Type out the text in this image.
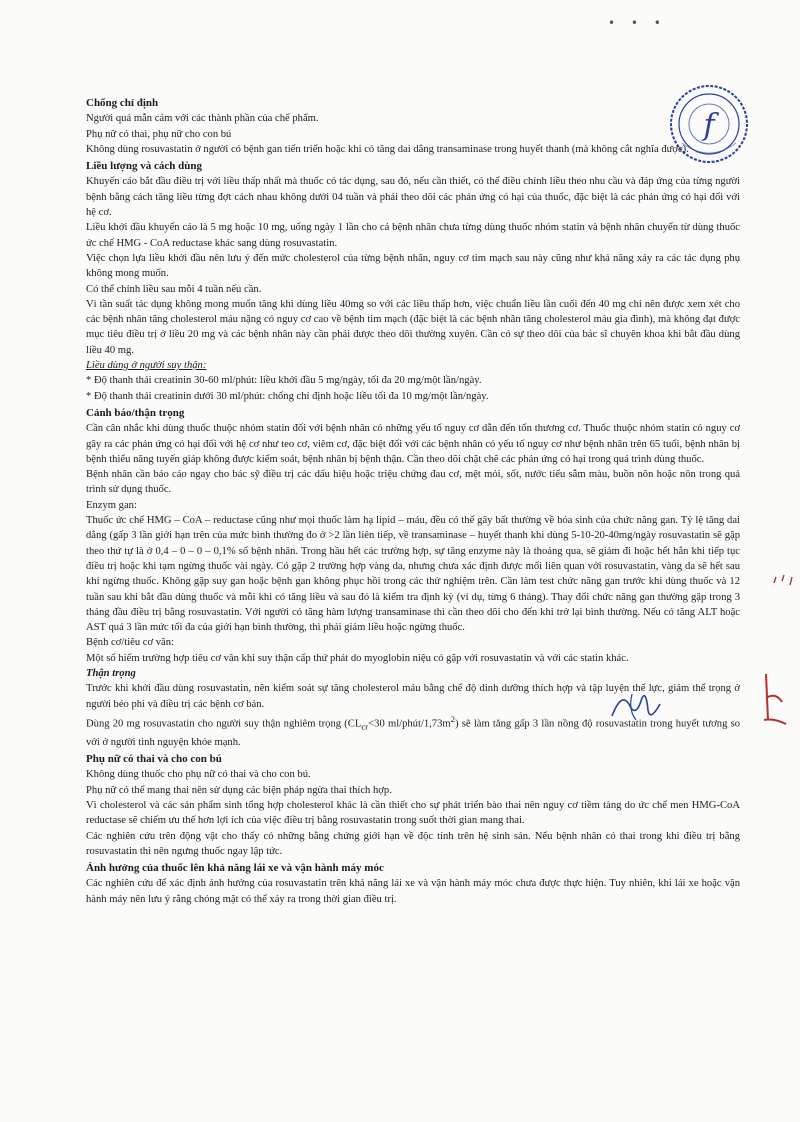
• • •
f
Chống chỉ định

Người quá mẫn cảm với các thành phần của chế phẩm.

Phụ nữ có thai, phụ nữ cho con bú

Không dùng rosuvastatin ở người có bệnh gan tiến triển hoặc khi có tăng dai dẳng transaminase trong huyết thanh (mà không cắt nghĩa được).

Liều lượng và cách dùng

Khuyến cáo bắt đầu điều trị với liều thấp nhất mà thuốc có tác dụng, sau đó, nếu cần thiết, có thể điều chỉnh liều theo nhu cầu và đáp ứng của từng người bệnh bằng cách tăng liều từng đợt cách nhau không dưới 04 tuần và phải theo dõi các phản ứng có hại của thuốc, đặc biệt là các phản ứng có hại đối với hệ cơ.

Liều khởi đầu khuyến cáo là 5 mg hoặc 10 mg, uống ngày 1 lần cho cả bệnh nhân chưa từng dùng thuốc nhóm statin và bệnh nhân chuyển từ dùng thuốc ức chế HMG - CoA reductase khác sang dùng rosuvastatin.

Việc chọn lựa liều khởi đầu nên lưu ý đến mức cholesterol của từng bệnh nhân, nguy cơ tim mạch sau này cũng như khả năng xảy ra các tác dụng phụ không mong muốn.

Có thể chỉnh liều sau mỗi 4 tuần nếu cần.

Vì tần suất tác dụng không mong muốn tăng khi dùng liều 40mg so với các liều thấp hơn, việc chuẩn liều lần cuối đến 40 mg chỉ nên được xem xét cho các bệnh nhân tăng cholesterol máu nặng có nguy cơ cao về bệnh tim mạch (đặc biệt là các bệnh nhân tăng cholesterol máu gia đình), mà không đạt được mục tiêu điều trị ở liều 20 mg và các bệnh nhân này cần phải được theo dõi thường xuyên. Cần có sự theo dõi của bác sĩ chuyên khoa khi bắt đầu dùng liều 40 mg.

Liều dùng ở người suy thận:

* Độ thanh thải creatinin 30-60 ml/phút: liều khởi đầu 5 mg/ngày, tối đa 20 mg/một lần/ngày.

* Độ thanh thải creatinin dưới 30 ml/phút: chống chỉ định hoặc liều tối đa 10 mg/một lần/ngày.

Cảnh báo/thận trọng

Cần cân nhắc khi dùng thuốc thuộc nhóm statin đối với bệnh nhân có những yếu tố nguy cơ dẫn đến tổn thương cơ. Thuốc thuộc nhóm statin có nguy cơ gây ra các phản ứng có hại đối với hệ cơ như teo cơ, viêm cơ, đặc biệt đối với các bệnh nhân có yếu tố nguy cơ như bệnh nhân trên 65 tuổi, bệnh nhân bị bệnh thiểu năng tuyến giáp không được kiểm soát, bệnh nhân bị bệnh thận. Cần theo dõi chặt chẽ các phản ứng có hại trong quá trình dùng thuốc.

Bệnh nhân cần báo cáo ngay cho bác sỹ điều trị các dấu hiệu hoặc triệu chứng đau cơ, mệt mỏi, sốt, nước tiểu sẫm màu, buồn nôn hoặc nôn trong quá trình sử dụng thuốc.

Enzym gan:

Thuốc ức chế HMG – CoA – reductase cũng như mọi thuốc làm hạ lipid – máu, đều có thể gây bất thường về hóa sinh của chức năng gan. Tỷ lệ tăng dai dẳng (gấp 3 lần giới hạn trên của mức bình thường đo ở >2 lần liên tiếp, về transaminase – huyết thanh khi dùng 5-10-20-40mg/ngày rosuvastatin sẽ gặp theo thứ tự là ở 0,4 – 0 – 0 – 0,1% số bệnh nhân. Trong hầu hết các trường hợp, sự tăng enzyme này là thoáng qua, sẽ giảm đi hoặc hết hẳn khi tiếp tục điều trị hoặc khi tạm ngừng thuốc vài ngày. Có gặp 2 trường hợp vàng da, nhưng chưa xác định được mối liên quan với rosuvastatin, vàng da sẽ hết sau khi ngừng thuốc. Không gặp suy gan hoặc bệnh gan không phục hồi trong các thử nghiệm trên. Cần làm test chức năng gan trước khi dùng thuốc và 12 tuần sau khi bắt đầu dùng thuốc và mỗi khi có tăng liều và sau đó là kiểm tra định kỳ (ví dụ, từng 6 tháng). Thay đổi chức năng gan thường gặp trong 3 tháng đầu điều trị bằng rosuvastatin. Với người có tăng hàm lượng transaminase thì cần theo dõi cho đến khi trở lại bình thường. Nếu có tăng ALT hoặc AST quá 3 lần mức tối đa của giới hạn bình thường, thì phải giảm liều hoặc ngừng thuốc.

Bệnh cơ/tiêu cơ vân:

Một số hiếm trường hợp tiêu cơ vân khi suy thận cấp thứ phát do myoglobin niệu có gặp với rosuvastatin và với các statin khác.

Thận trọng

Trước khi khởi đầu dùng rosuvastatin, nên kiểm soát sự tăng cholesterol máu bằng chế độ dinh dưỡng thích hợp và tập luyện thể lực, giảm thể trọng ở người béo phì và điều trị các bệnh cơ bản.

Dùng 20 mg rosuvastatin cho người suy thận nghiêm trọng ($CL_{cr}<30$ $ml/phút/1,73m^2$) sẽ làm tăng gấp 3 lần nồng độ rosuvastatin trong huyết tương so với ở người tình nguyện khỏe mạnh.

Phụ nữ có thai và cho con bú

Không dùng thuốc cho phụ nữ có thai và cho con bú.

Phụ nữ có thể mang thai nên sử dụng các biện pháp ngừa thai thích hợp.

Vì cholesterol và các sản phẩm sinh tổng hợp cholesterol khác là cần thiết cho sự phát triển bào thai nên nguy cơ tiềm tàng do ức chế men HMG-CoA reductase sẽ chiếm ưu thế hơn lợi ích của việc điều trị bằng rosuvastatin trong suốt thời gian mang thai.

Các nghiên cứu trên động vật cho thấy có những bằng chứng giới hạn về độc tính trên hệ sinh sản. Nếu bệnh nhân có thai trong khi điều trị bằng rosuvastatin thì nên ngưng thuốc ngay lập tức.

Ảnh hưởng của thuốc lên khả năng lái xe và vận hành máy móc

Các nghiên cứu để xác định ảnh hưởng của rosuvastatin trên khả năng lái xe và vận hành máy móc chưa được thực hiện. Tuy nhiên, khi lái xe hoặc vận hành máy nên lưu ý rằng chóng mặt có thể xảy ra trong thời gian điều trị.
